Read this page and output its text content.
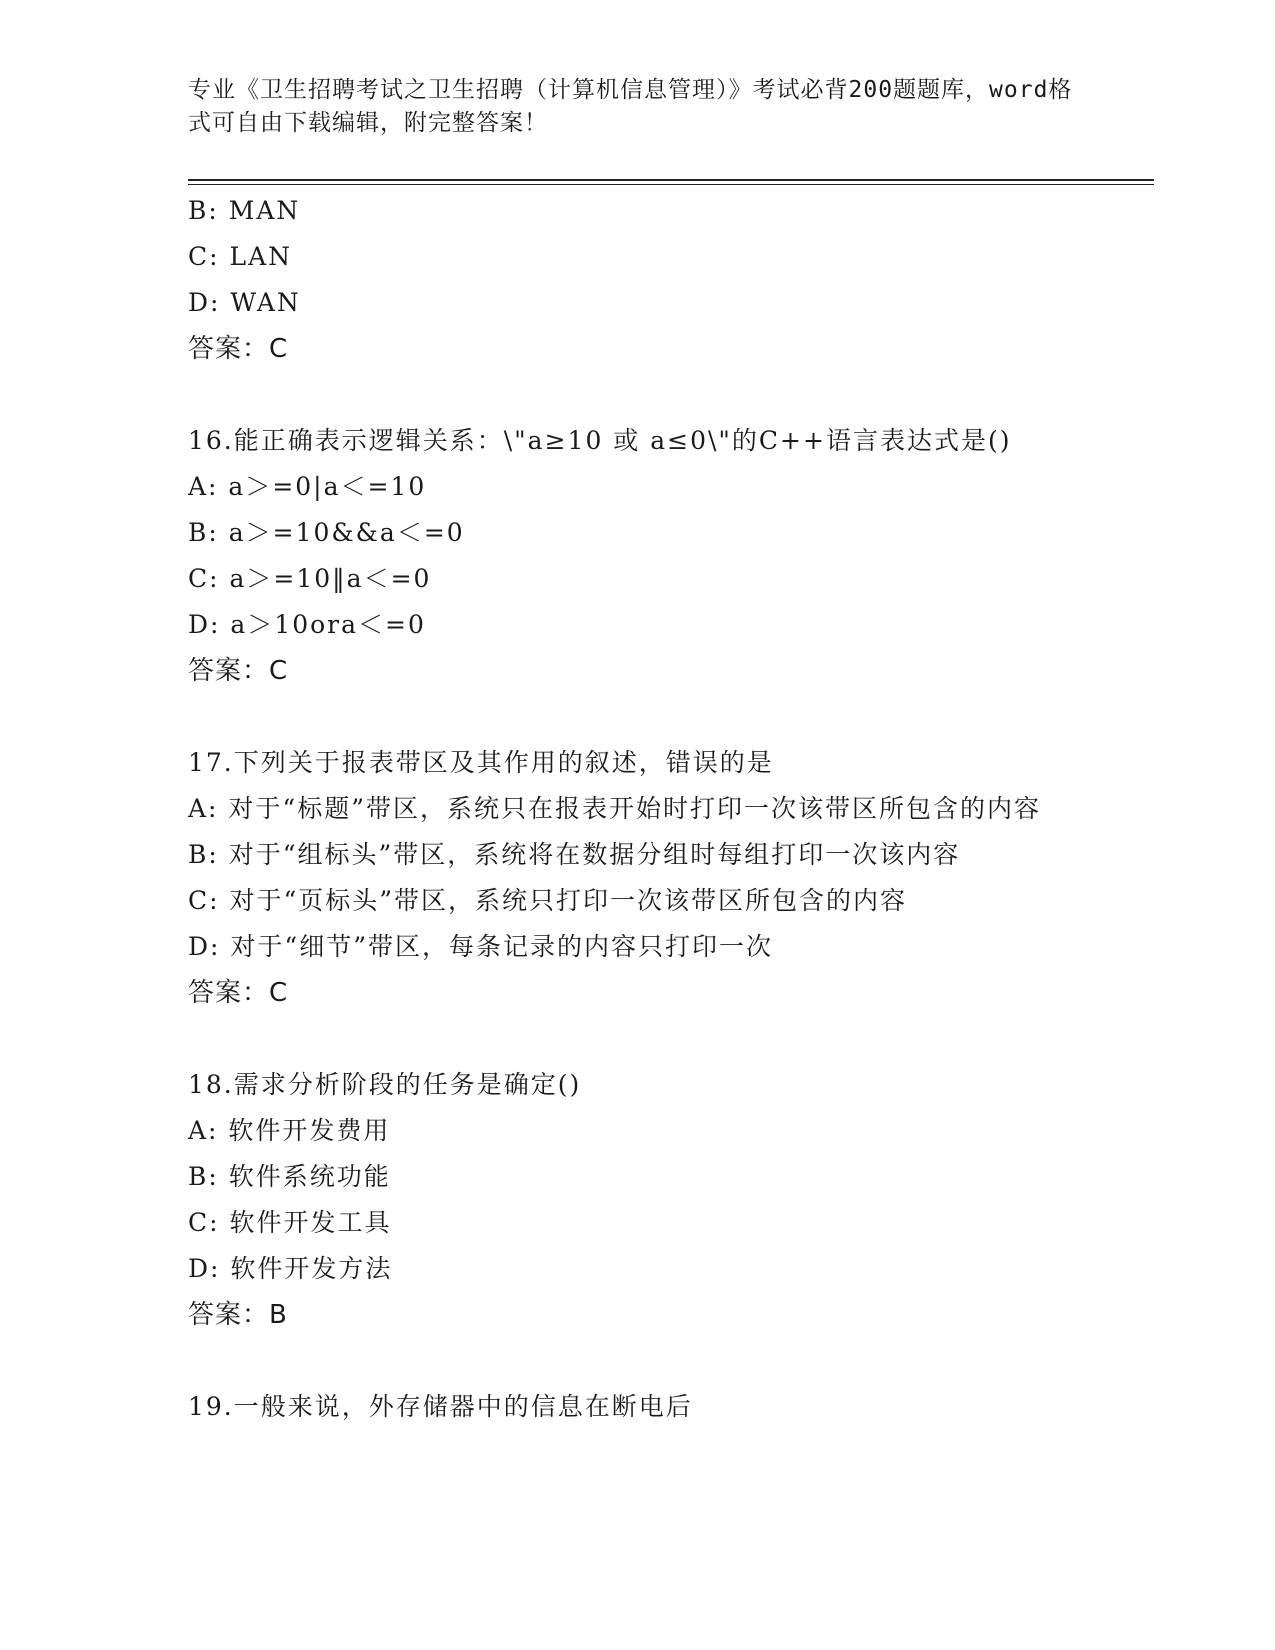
专业《卫生招聘考试之卫生招聘（计算机信息管理）》考试必背200题题库，word格式可自由下载编辑，附完整答案！
B: MAN
C: LAN
D: WAN
答案：C
16.能正确表示逻辑关系：\"a≥10 或 a≤0\"的C++语言表达式是()
A: a＞=0|a＜=10
B: a＞=10&&a＜=0
C: a＞=10‖a＜=0
D: a＞10ora＜=0
答案：C
17.下列关于报表带区及其作用的叙述，错误的是
A: 对于“标题”带区，系统只在报表开始时打印一次该带区所包含的内容
B: 对于“组标头”带区，系统将在数据分组时每组打印一次该内容
C: 对于“页标头”带区，系统只打印一次该带区所包含的内容
D: 对于“细节”带区，每条记录的内容只打印一次
答案：C
18.需求分析阶段的任务是确定()
A: 软件开发费用
B: 软件系统功能
C: 软件开发工具
D: 软件开发方法
答案：B
19.一般来说，外存储器中的信息在断电后
